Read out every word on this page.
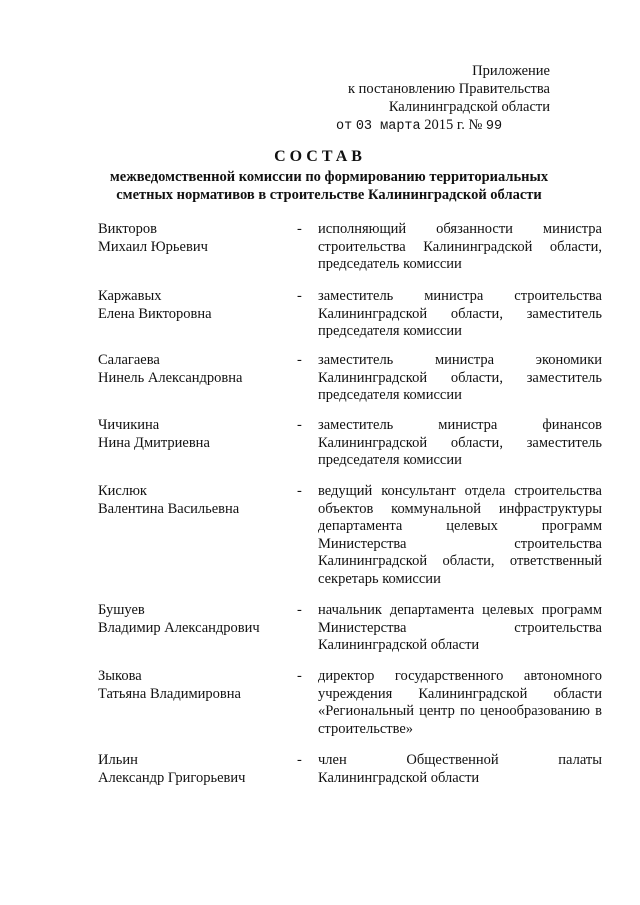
Приложение
к постановлению Правительства
Калининградской области
от 03 марта 2015 г. № 99
СОСТАВ
межведомственной комиссии по формированию территориальных сметных нормативов в строительстве Калининградской области
Викторов
Михаил Юрьевич
- исполняющий обязанности министра строительства Калининградской области, председатель комиссии
Каржавых
Елена Викторовна
- заместитель министра строительства Калининградской области, заместитель председателя комиссии
Салагаева
Нинель Александровна
- заместитель министра экономики Калининградской области, заместитель председателя комиссии
Чичикина
Нина Дмитриевна
- заместитель министра финансов Калининградской области, заместитель председателя комиссии
Кислюк
Валентина Васильевна
- ведущий консультант отдела строительства объектов коммунальной инфраструктуры департамента целевых программ Министерства строительства Калининградской области, ответственный секретарь комиссии
Бушуев
Владимир Александрович
- начальник департамента целевых программ Министерства строительства Калининградской области
Зыкова
Татьяна Владимировна
- директор государственного автономного учреждения Калининградской области «Региональный центр по ценообразованию в строительстве»
Ильин
Александр Григорьевич
- член Общественной палаты Калининградской области
